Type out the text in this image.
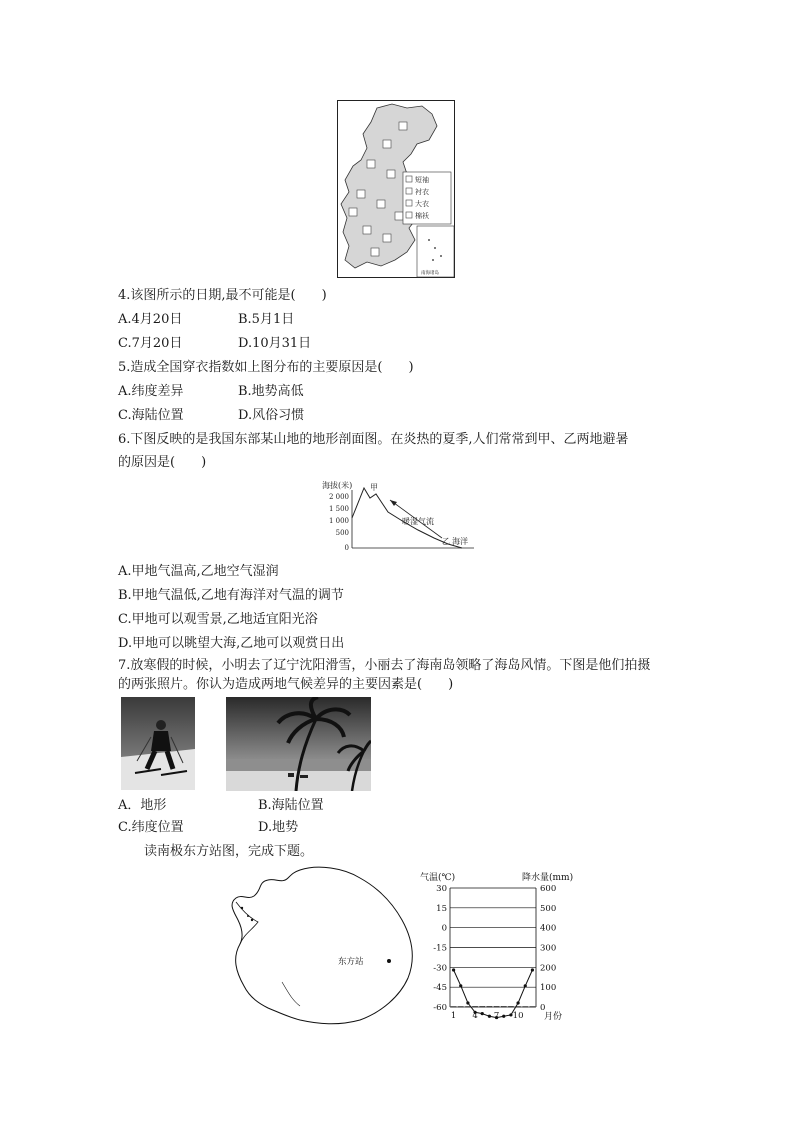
短袖
衬衣
大衣
棉袄
南海诸岛
4.该图所示的日期,最不可能是(　　)
A.4月20日	B.5月1日
C.7月20日	D.10月31日
5.造成全国穿衣指数如上图分布的主要原因是(　　)
A.纬度差异	B.地势高低
C.海陆位置	D.风俗习惯
6.下图反映的是我国东部某山地的地形剖面图。在炎热的夏季,人们常常到甲、乙两地避暑
的原因是(　　)
海拔(米)
2 000
1 500
1 000
500
0
甲
暖湿气流
乙 海洋
A.甲地气温高,乙地空气湿润
B.甲地气温低,乙地有海洋对气温的调节
C.甲地可以观雪景,乙地适宜阳光浴
D.甲地可以眺望大海,乙地可以观赏日出
7.放寒假的时候，小明去了辽宁沈阳滑雪，小丽去了海南岛领略了海岛风情。下图是他们拍摄
的两张照片。你认为造成两地气候差异的主要因素是(　　)
A．地形	B.海陆位置
C.纬度位置	D.地势
读南极东方站图，完成下题。
东方站
气温(℃)	降水量(mm)
30
15
0
-15
-30
-45
-60
600
500
400
300
200
100
0
1 4 7 10 月份
